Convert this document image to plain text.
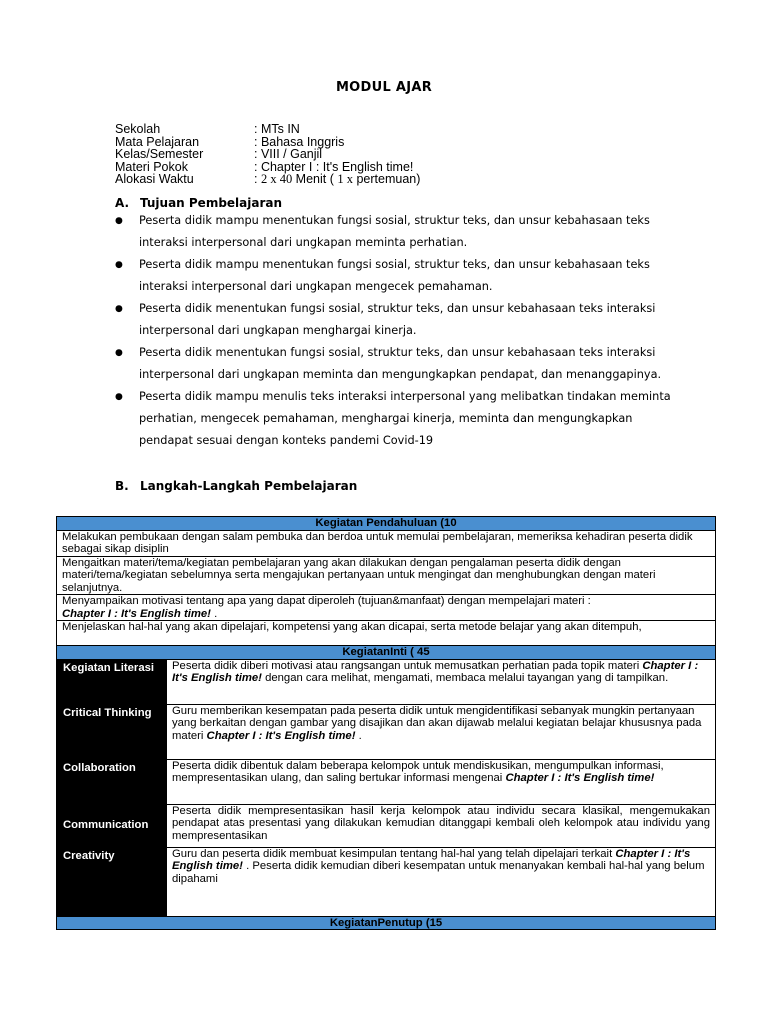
MODUL AJAR
Sekolah	: MTs IN
Mata Pelajaran	: Bahasa Inggris
Kelas/Semester	: VIII / Ganjil
Materi Pokok	: Chapter I : It's English time!
Alokasi Waktu	: 2 x 40 Menit ( 1 x pertemuan)
A. Tujuan Pembelajaran
● Peserta didik mampu menentukan fungsi sosial, struktur teks, dan unsur kebahasaan teks interaksi interpersonal dari ungkapan meminta perhatian.
● Peserta didik mampu menentukan fungsi sosial, struktur teks, dan unsur kebahasaan teks interaksi interpersonal dari ungkapan mengecek pemahaman.
● Peserta didik menentukan fungsi sosial, struktur teks, dan unsur kebahasaan teks interaksi interpersonal dari ungkapan menghargai kinerja.
● Peserta didik menentukan fungsi sosial, struktur teks, dan unsur kebahasaan teks interaksi interpersonal dari ungkapan meminta dan mengungkapkan pendapat, dan menanggapinya.
● Peserta didik mampu menulis teks interaksi interpersonal yang melibatkan tindakan meminta perhatian, mengecek pemahaman, menghargai kinerja, meminta dan mengungkapkan pendapat sesuai dengan konteks pandemi Covid-19
B. Langkah-Langkah Pembelajaran
Kegiatan Pendahuluan (10	
Melakukan pembukaan dengan salam pembuka dan berdoa untuk memulai pembelajaran, memeriksa kehadiran peserta didik sebagai sikap disiplin	
Mengaitkan materi/tema/kegiatan pembelajaran yang akan dilakukan dengan pengalaman peserta didik dengan materi/tema/kegiatan sebelumnya serta mengajukan pertanyaan untuk mengingat dan menghubungkan dengan materi selanjutnya.	
Menyampaikan motivasi tentang apa yang dapat diperoleh (tujuan&manfaat) dengan mempelajari materi :
Chapter I : It's English time! .	
Menjelaskan hal-hal yang akan dipelajari, kompetensi yang akan dicapai, serta metode belajar yang akan ditempuh,	
KegiatanInti ( 45	
Kegiatan Literasi	Peserta didik diberi motivasi atau rangsangan untuk memusatkan perhatian pada topik materi Chapter I : It's English time! dengan cara melihat, mengamati, membaca melalui tayangan yang di tampilkan.
Critical Thinking	Guru memberikan kesempatan pada peserta didik untuk mengidentifikasi sebanyak mungkin pertanyaan yang berkaitan dengan gambar yang disajikan dan akan dijawab melalui kegiatan belajar khususnya pada materi Chapter I : It's English time! .
Collaboration	Peserta didik dibentuk dalam beberapa kelompok untuk mendiskusikan, mengumpulkan informasi, mempresentasikan ulang, dan saling bertukar informasi mengenai Chapter I : It's English time!
Communication	Peserta didik mempresentasikan hasil kerja kelompok atau individu secara klasikal, mengemukakan pendapat atas presentasi yang dilakukan kemudian ditanggapi kembali oleh kelompok atau individu yang mempresentasikan
Creativity	Guru dan peserta didik membuat kesimpulan tentang hal-hal yang telah dipelajari terkait Chapter I : It's English time! . Peserta didik kemudian diberi kesempatan untuk menanyakan kembali hal-hal yang belum dipahami
KegiatanPenutup (15	
